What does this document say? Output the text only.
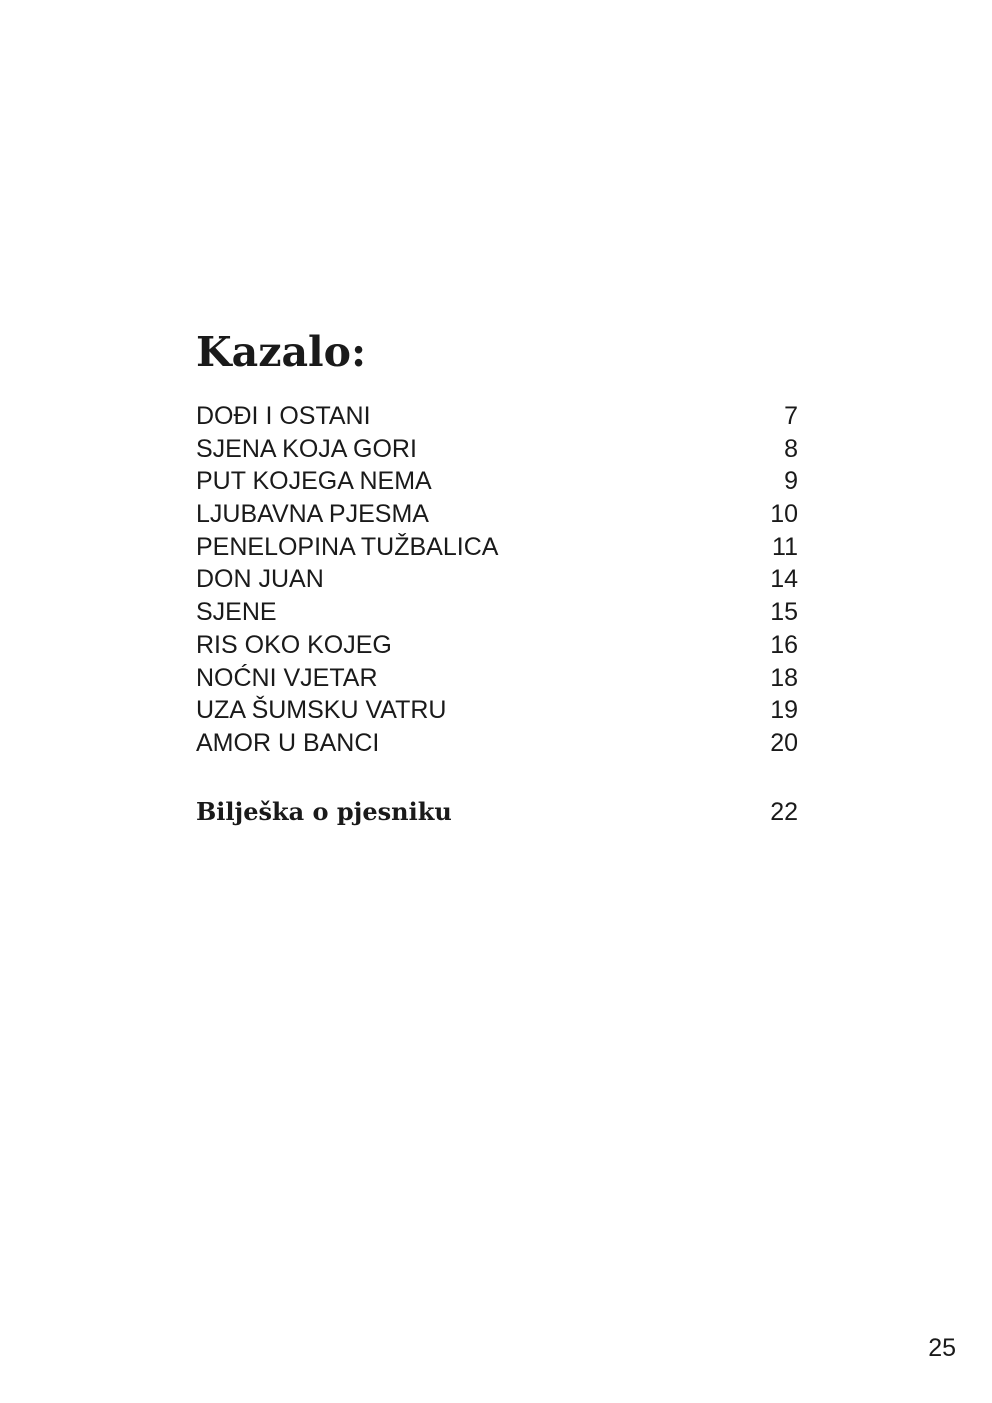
Kazalo:
DOĐI I OSTANI	7
SJENA KOJA GORI	8
PUT KOJEGA NEMA	9
LJUBAVNA PJESMA	10
PENELOPINA TUŽBALICA	11
DON JUAN	14
SJENE	15
RIS OKO KOJEG	16
NOĆNI VJETAR	18
UZA ŠUMSKU VATRU	19
AMOR U BANCI	20
Bilješka o pjesniku	22
25
